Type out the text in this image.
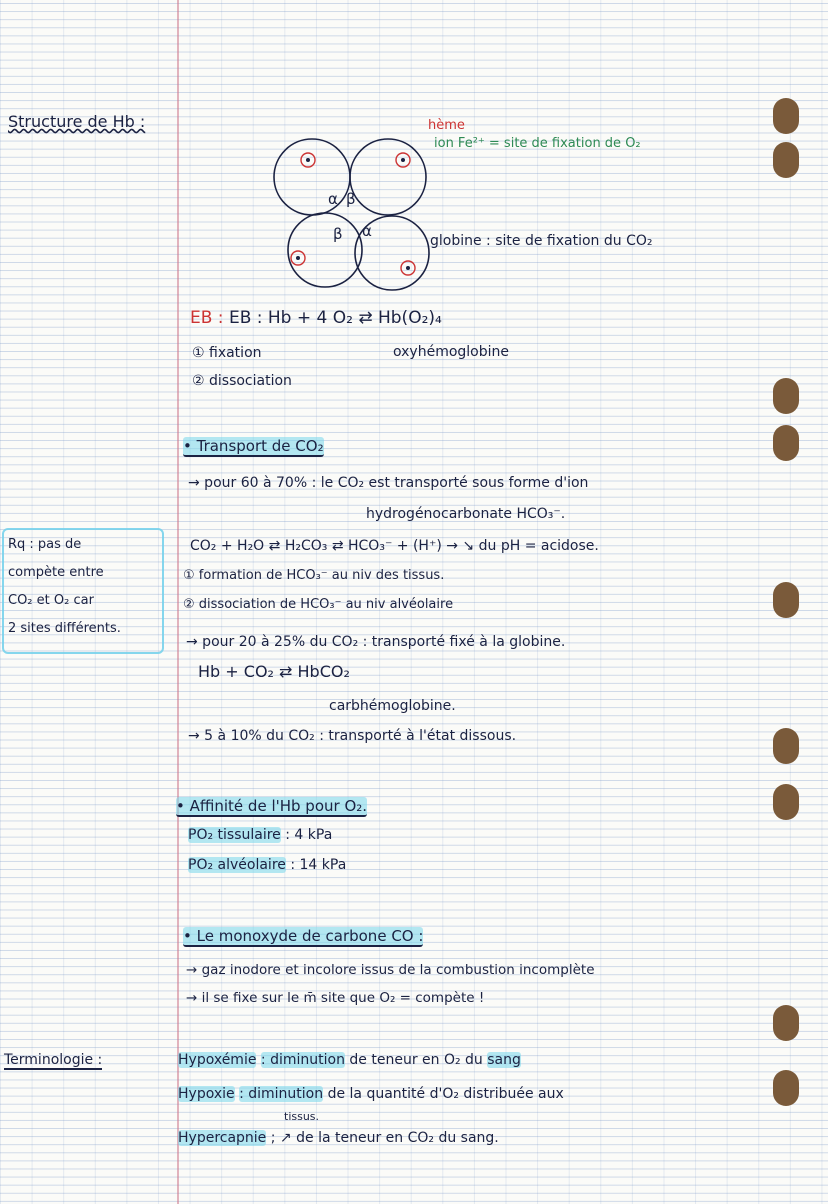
Structure de Hb :
α β
β α
hème
ion Fe²⁺ = site de fixation de O₂
globine : site de fixation du CO₂
EB : EB : Hb + 4 O₂ ⇄ Hb(O₂)₄
oxyhémoglobine
① fixation
② dissociation
• Transport de CO₂
→ pour 60 à 70% : le CO₂ est transporté sous forme d'ion
hydrogénocarbonate HCO₃⁻.
CO₂ + H₂O ⇄ H₂CO₃ ⇄ HCO₃⁻ + (H⁺) → ↘ du pH = acidose.
① formation de HCO₃⁻ au niv des tissus.
② dissociation de HCO₃⁻ au niv alvéolaire
→ pour 20 à 25% du CO₂ : transporté fixé à la globine.
Hb + CO₂ ⇄ HbCO₂
carbhémoglobine.
→ 5 à 10% du CO₂ : transporté à l'état dissous.
Rq : pas de
compète entre
CO₂ et O₂ car
2 sites différents.
• Affinité de l'Hb pour O₂.
PO₂ tissulaire : 4 kPa
PO₂ alvéolaire : 14 kPa
• Le monoxyde de carbone CO :
→ gaz inodore et incolore issus de la combustion incomplète
→ il se fixe sur le m̄ site que O₂ = compète !
Terminologie :	Hypoxémie : diminution de teneur en O₂ du sang
Hypoxie : diminution de la quantité d'O₂ distribuée aux
tissus.
Hypercapnie ; ↗ de la teneur en CO₂ du sang.
